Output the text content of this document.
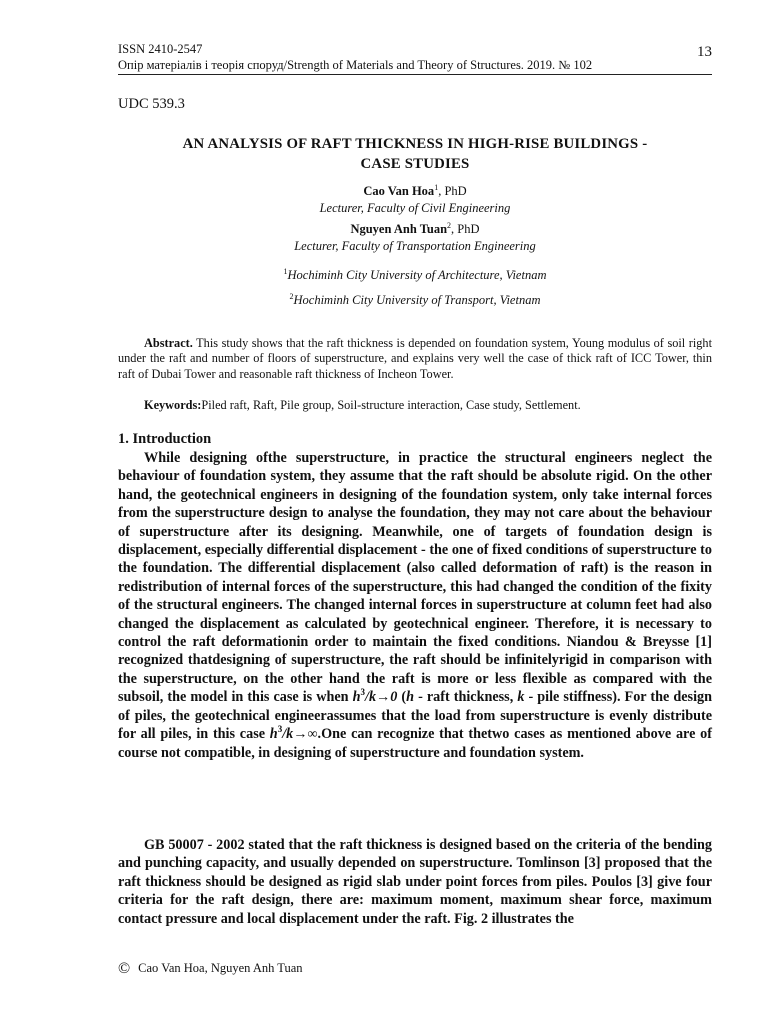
ISSN 2410-2547
Опір матеріалів і теорія споруд/Strength of Materials and Theory of Structures. 2019. № 102
13
UDC 539.3
AN ANALYSIS OF RAFT THICKNESS IN HIGH-RISE BUILDINGS -
CASE STUDIES
Cao Van Hoa$^1$, PhD
Lecturer, Faculty of Civil Engineering
Nguyen Anh Tuan$^2$, PhD
Lecturer, Faculty of Transportation Engineering
$^1$Hochiminh City University of Architecture, Vietnam
$^2$Hochiminh City University of Transport, Vietnam
Abstract. This study shows that the raft thickness is depended on foundation system, Young modulus of soil right under the raft and number of floors of superstructure, and explains very well the case of thick raft of ICC Tower, thin raft of Dubai Tower and reasonable raft thickness of Incheon Tower.
Keywords:Piled raft, Raft, Pile group, Soil-structure interaction, Case study, Settlement.
1. Introduction
While designing ofthe superstructure, in practice the structural engineers neglect the behaviour of foundation system, they assume that the raft should be absolute rigid. On the other hand, the geotechnical engineers in designing of the foundation system, only take internal forces from the superstructure design to analyse the foundation, they may not care about the behaviour of superstructure after its designing. Meanwhile, one of targets of foundation design is displacement, especially differential displacement - the one of fixed conditions of superstructure to the foundation. The differential displacement (also called deformation of raft) is the reason in redistribution of internal forces of the superstructure, this had changed the condition of the fixity of the structural engineers. The changed internal forces in superstructure at column feet had also changed the displacement as calculated by geotechnical engineer. Therefore, it is necessary to control the raft deformationin order to maintain the fixed conditions. Niandou & Breysse [1] recognized thatdesigning of superstructure, the raft should be infinitelyrigid in comparison with the superstructure, on the other hand the raft is more or less flexible as compared with the subsoil, the model in this case is when $h^3/k\to 0$ (h - raft thickness, k - pile stiffness). For the design of piles, the geotechnical engineerassumes that the load from superstructure is evenly distribute for all piles, in this case $h^3/k\to\infty.One$ can recognize that thetwo cases as mentioned above are of course not compatible, in designing of superstructure and foundation system.
GB 50007 - 2002 stated that the raft thickness is designed based on the criteria of the bending and punching capacity, and usually depended on superstructure. Tomlinson [3] proposed that the raft thickness should be designed as rigid slab under point forces from piles. Poulos [3] give four criteria for the raft design, there are: maximum moment, maximum shear force, maximum contact pressure and local displacement under the raft. Fig. 2 illustrates the
© Cao Van Hoa, Nguyen Anh Tuan
